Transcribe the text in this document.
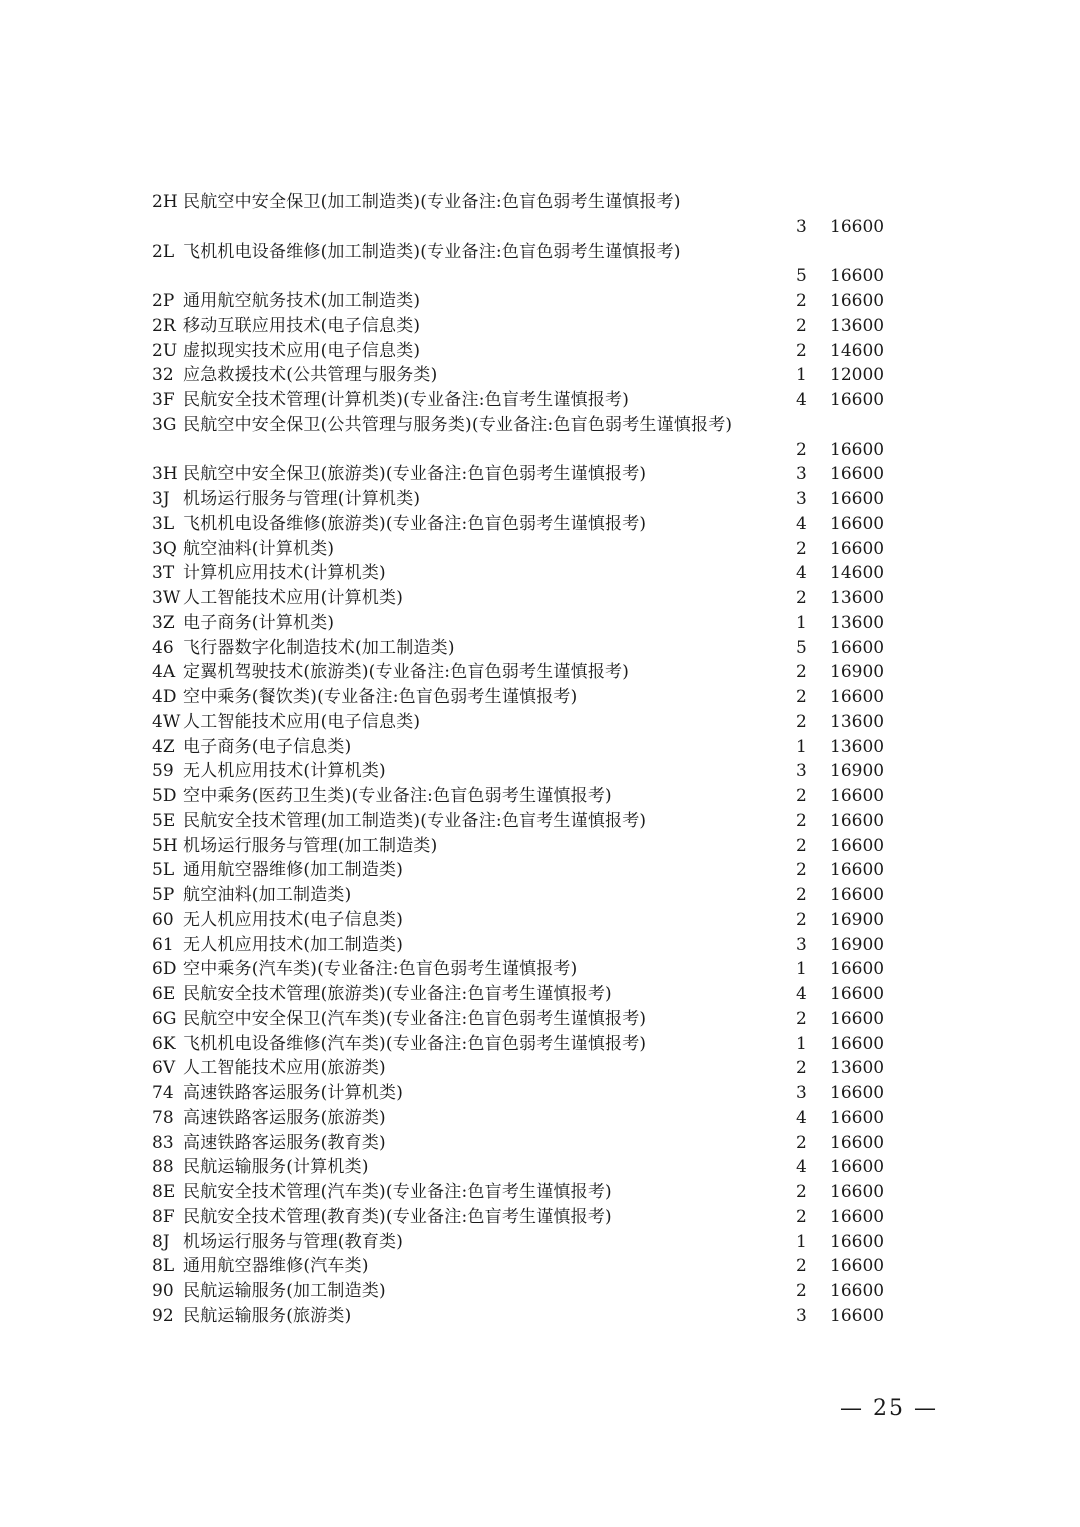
2H 民航空中安全保卫(加工制造类)(专业备注:色盲色弱考生谨慎报考)
3 16600
2L 飞机机电设备维修(加工制造类)(专业备注:色盲色弱考生谨慎报考)
5 16600
2P 通用航空航务技术(加工制造类)	2 16600
2R 移动互联应用技术(电子信息类)	2 13600
2U 虚拟现实技术应用(电子信息类)	2 14600
32 应急救援技术(公共管理与服务类)	1 12000
3F 民航安全技术管理(计算机类)(专业备注:色盲考生谨慎报考)	4 16600
3G 民航空中安全保卫(公共管理与服务类)(专业备注:色盲色弱考生谨慎报考)
2 16600
3H 民航空中安全保卫(旅游类)(专业备注:色盲色弱考生谨慎报考)	3 16600
3J 机场运行服务与管理(计算机类)	3 16600
3L 飞机机电设备维修(旅游类)(专业备注:色盲色弱考生谨慎报考)	4 16600
3Q 航空油料(计算机类)	2 16600
3T 计算机应用技术(计算机类)	4 14600
3W 人工智能技术应用(计算机类)	2 13600
3Z 电子商务(计算机类)	1 13600
46 飞行器数字化制造技术(加工制造类)	5 16600
4A 定翼机驾驶技术(旅游类)(专业备注:色盲色弱考生谨慎报考)	2 16900
4D 空中乘务(餐饮类)(专业备注:色盲色弱考生谨慎报考)	2 16600
4W 人工智能技术应用(电子信息类)	2 13600
4Z 电子商务(电子信息类)	1 13600
59 无人机应用技术(计算机类)	3 16900
5D 空中乘务(医药卫生类)(专业备注:色盲色弱考生谨慎报考)	2 16600
5E 民航安全技术管理(加工制造类)(专业备注:色盲考生谨慎报考)	2 16600
5H 机场运行服务与管理(加工制造类)	2 16600
5L 通用航空器维修(加工制造类)	2 16600
5P 航空油料(加工制造类)	2 16600
60 无人机应用技术(电子信息类)	2 16900
61 无人机应用技术(加工制造类)	3 16900
6D 空中乘务(汽车类)(专业备注:色盲色弱考生谨慎报考)	1 16600
6E 民航安全技术管理(旅游类)(专业备注:色盲考生谨慎报考)	4 16600
6G 民航空中安全保卫(汽车类)(专业备注:色盲色弱考生谨慎报考)	2 16600
6K 飞机机电设备维修(汽车类)(专业备注:色盲色弱考生谨慎报考)	1 16600
6V 人工智能技术应用(旅游类)	2 13600
74 高速铁路客运服务(计算机类)	3 16600
78 高速铁路客运服务(旅游类)	4 16600
83 高速铁路客运服务(教育类)	2 16600
88 民航运输服务(计算机类)	4 16600
8E 民航安全技术管理(汽车类)(专业备注:色盲考生谨慎报考)	2 16600
8F 民航安全技术管理(教育类)(专业备注:色盲考生谨慎报考)	2 16600
8J 机场运行服务与管理(教育类)	1 16600
8L 通用航空器维修(汽车类)	2 16600
90 民航运输服务(加工制造类)	2 16600
92 民航运输服务(旅游类)	3 16600
— 25 —
